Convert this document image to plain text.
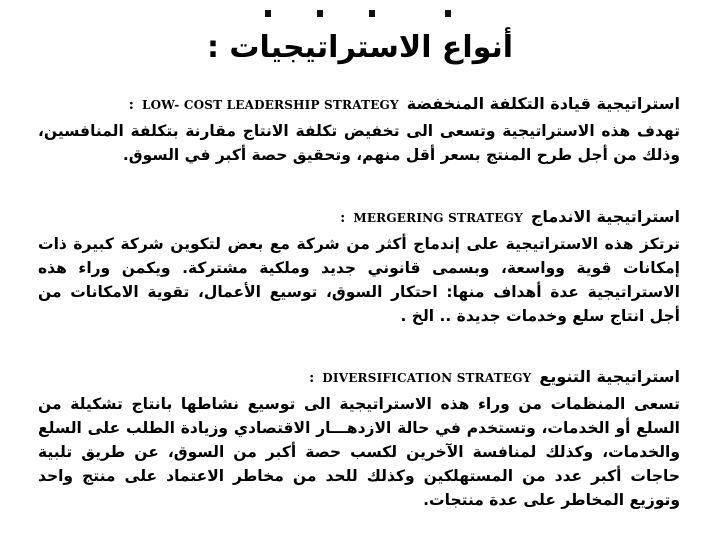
أنواع الاستراتيجيات :
استراتيجية قيادة التكلفة المنخفضةLOW- COST LEADERSHIP STRATEGY:
تهدف هذه الاستراتيجية وتسعى الى تخفيض تكلفة الانتاج مقارنة بتكلفة المنافسين، وذلك من أجل طرح المنتج بسعر أقل منهم، وتحقيق حصة أكبر في السوق.
استراتيجية الاندماجMERGERING STRATEGY:
ترتكز هذه الاستراتيجية على إندماج أكثر من شركة مع بعض لتكوين شركة كبيرة ذات إمكانات قوية وواسعة، وبسمى قانوني جديد وملكية مشتركة. ويكمن وراء هذه الاستراتيجية عدة أهداف منها: احتكار السوق، توسيع الأعمال، تقوية الامكانات من أجل انتاج سلع وخدمات جديدة .. الخ .
استراتيجية التنويعDIVERSIFICATION STRATEGY:
تسعى المنظمات من وراء هذه الاستراتيجية الى توسيع نشاطها بانتاج تشكيلة من السلع أو الخدمات، وتستخدم في حالة الازدهـــار الاقتصادي وزيادة الطلب على السلع والخدمات، وكذلك لمنافسة الآخرين لكسب حصة أكبر من السوق، عن طريق تلبية حاجات أكبر عدد من المستهلكين وكذلك للحد من مخاطر الاعتماد على منتج واحد وتوزيع المخاطر على عدة منتجات.
